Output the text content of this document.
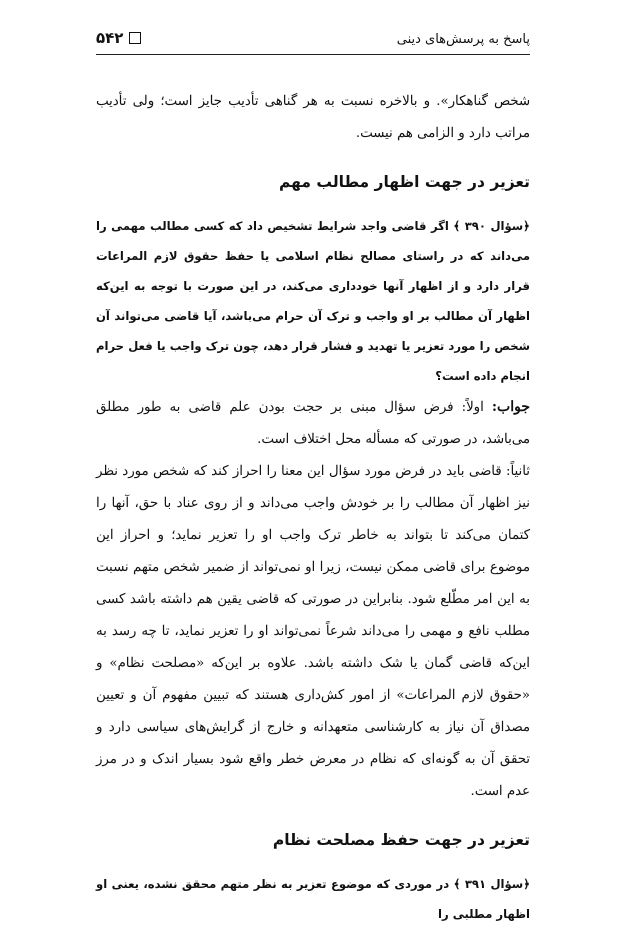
پاسخ به پرسش‌های دینی
۵۴۲

شخص گناهکار». و بالاخره نسبت به هر گناهی تأدیب جایز است؛ ولی تأدیب مراتب دارد و الزامی هم نیست.

تعزیر در جهت اظهار مطالب مهم

﴿سؤال ۳۹۰ ﴾ اگر قاضی واجد شرایط تشخیص داد که کسی مطالب مهمی را می‌داند که در راستای مصالح نظام اسلامی یا حفظ حقوق لازم المراعات قرار دارد و از اظهار آنها خودداری می‌کند، در این صورت با توجه به این‌که اظهار آن مطالب بر او واجب و ترک آن حرام می‌باشد، آیا قاضی می‌تواند آن شخص را مورد تعزیر یا تهدید و فشار قرار دهد، چون ترک واجب یا فعل حرام انجام داده است؟

جواب: اولاً: فرض سؤال مبنی بر حجت بودن علم قاضی به طور مطلق می‌باشد، در صورتی که مسأله محل اختلاف است.

ثانیاً: قاضی باید در فرض مورد سؤال این معنا را احراز کند که شخص مورد نظر نیز اظهار آن مطالب را بر خودش واجب می‌داند و از روی عناد با حق، آنها را کتمان می‌کند تا بتواند به خاطر ترک واجب او را تعزیر نماید؛ و احراز این موضوع برای قاضی ممکن نیست، زیرا او نمی‌تواند از ضمیر شخص متهم نسبت به این امر مطّلع شود. بنابراین در صورتی که قاضی یقین هم داشته باشد کسی مطلب نافع و مهمی را می‌داند شرعاً نمی‌تواند او را تعزیر نماید، تا چه رسد به این‌که قاضی گمان یا شک داشته باشد. علاوه بر این‌که «مصلحت نظام» و «حقوق لازم المراعات» از امور کش‌داری هستند که تبیین مفهوم آن و تعیین مصداق آن نیاز به کارشناسی متعهدانه و خارج از گرایش‌های سیاسی دارد و تحقق آن به گونه‌ای که نظام در معرض خطر واقع شود بسیار اندک و در مرز عدم است.

تعزیر در جهت حفظ مصلحت نظام

﴿سؤال ۳۹۱ ﴾ در موردی که موضوع تعزیر به نظر متهم محقق نشده، یعنی او اظهار مطلبی را
